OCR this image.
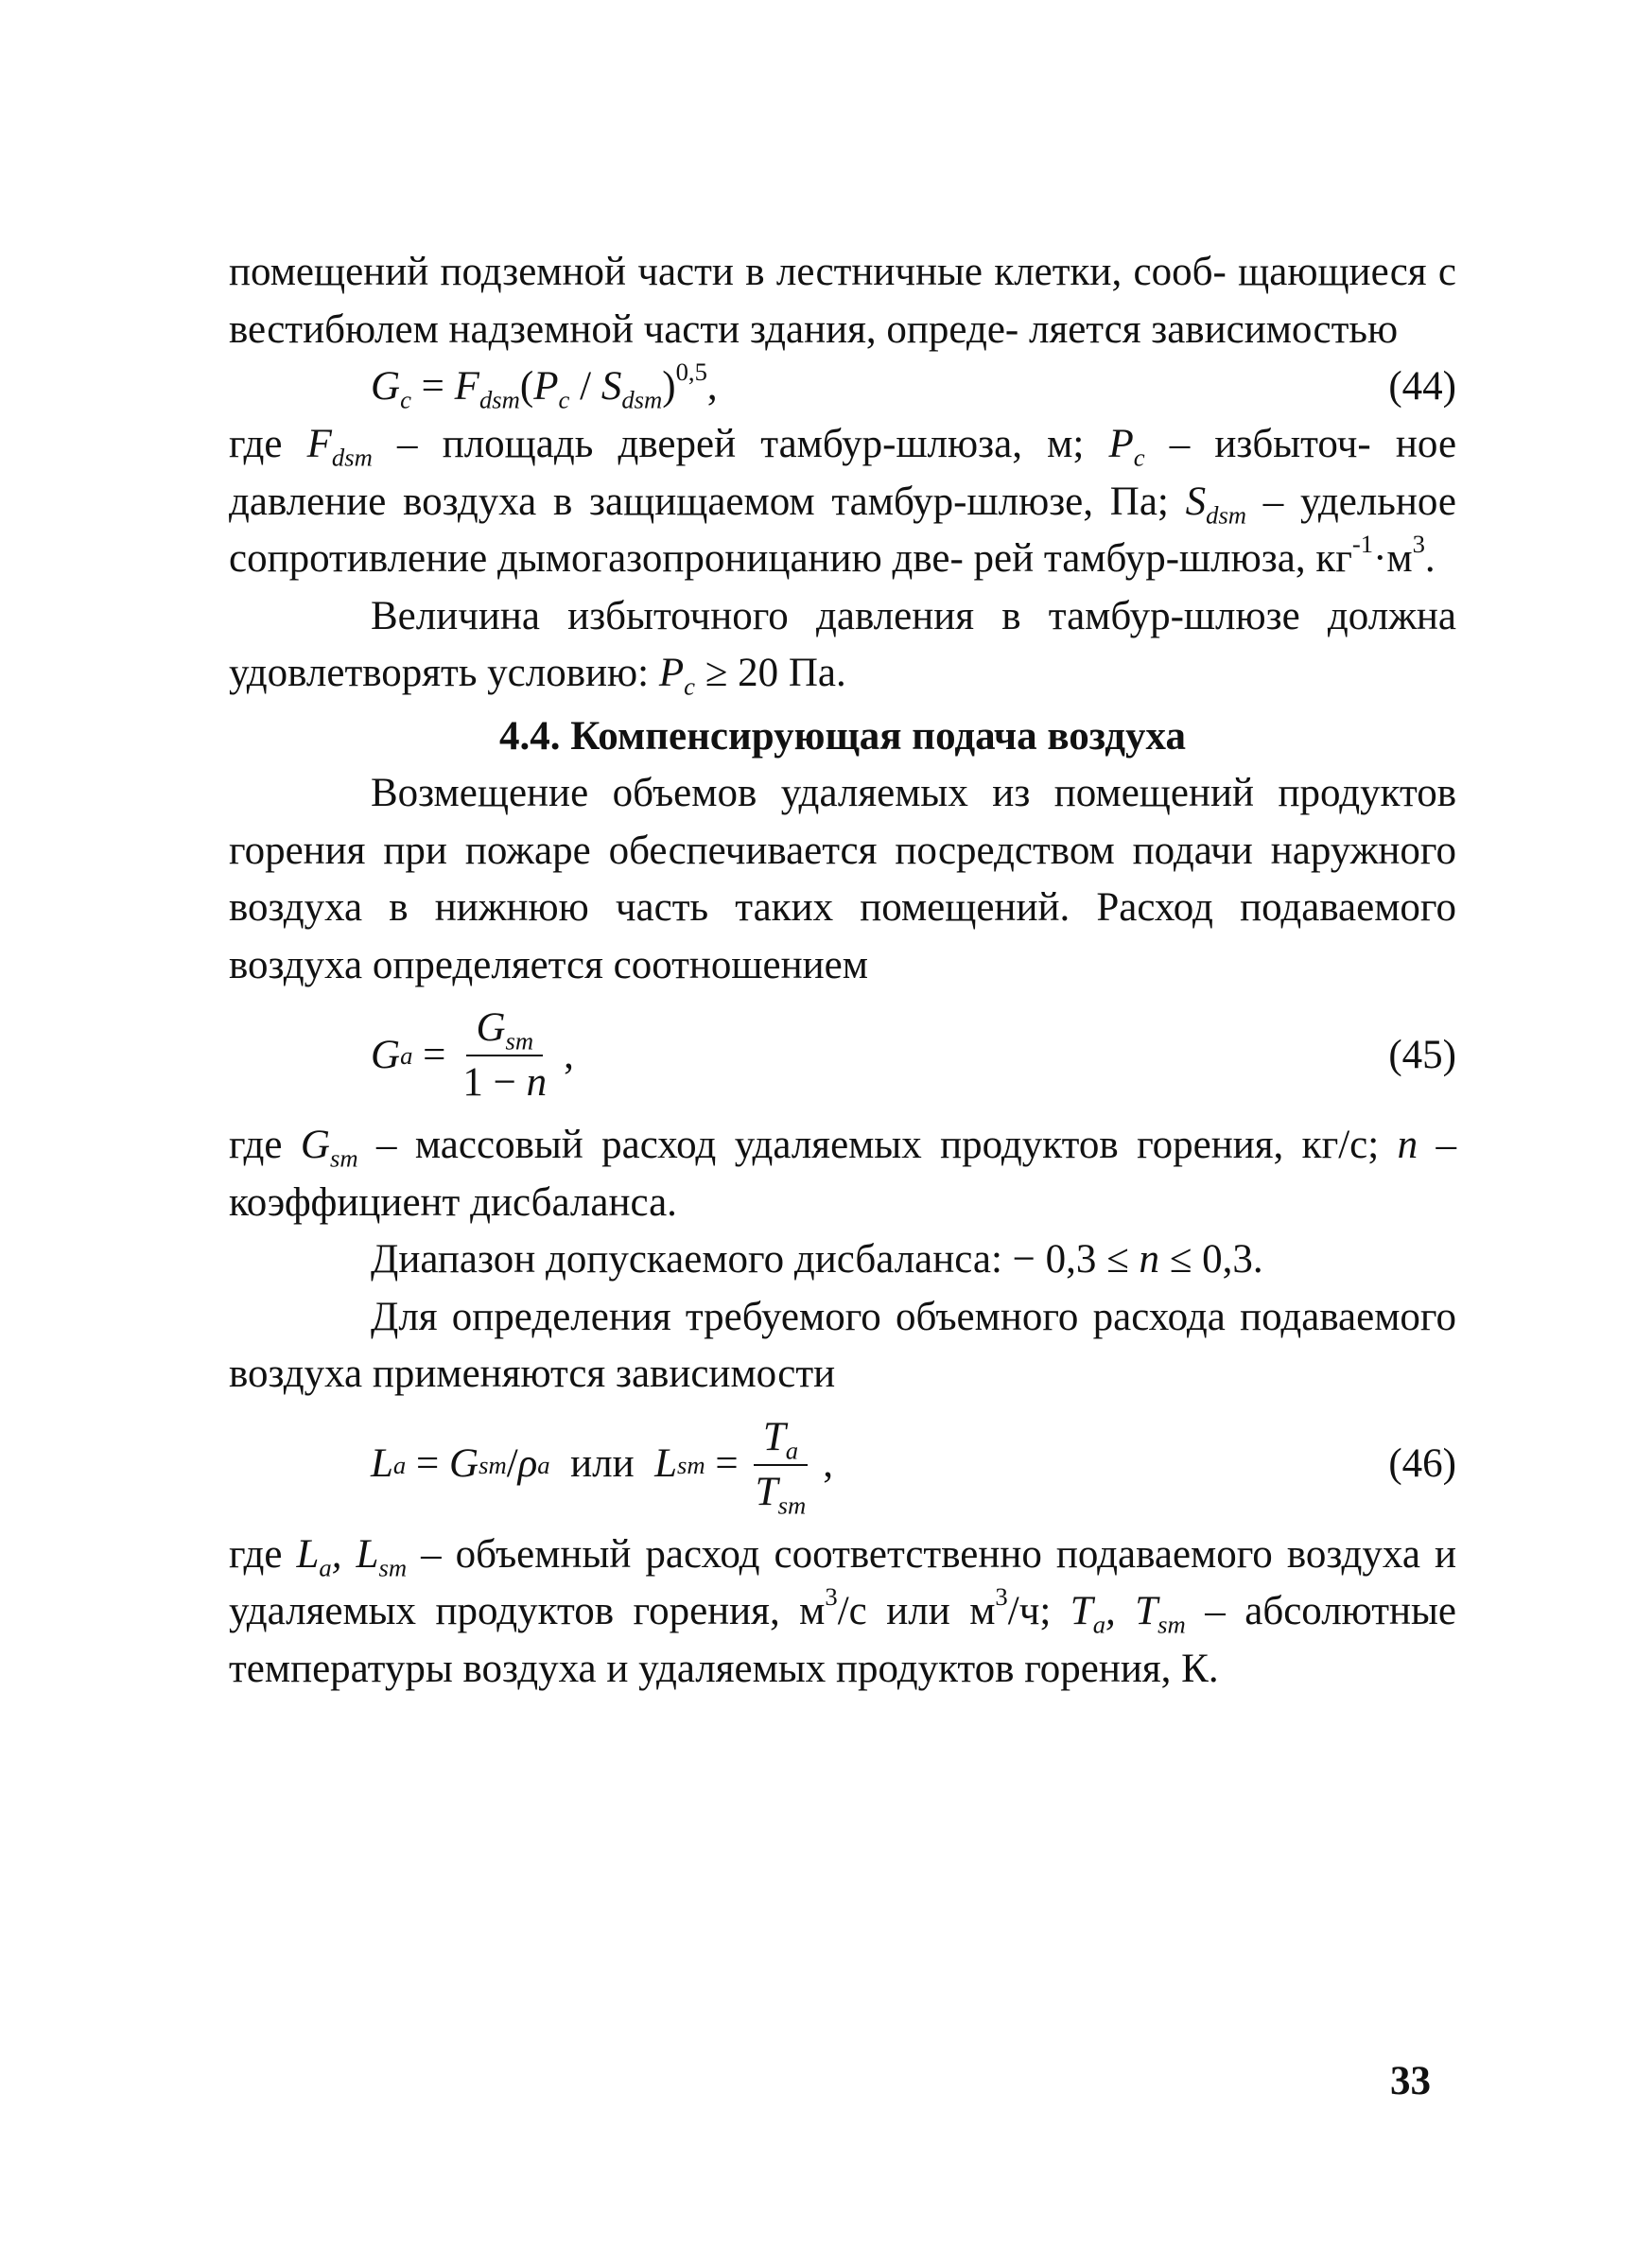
помещений подземной части в лестничные клетки, сооб- щающиеся с вестибюлем надземной части здания, опреде- ляется зависимостью

$G_c = F_{dsm}(P_c / S_{dsm})^{0,5}$,	(44)

где $F_{dsm}$ – площадь дверей тамбур-шлюза, м; $P_c$ – избыточ- ное давление воздуха в защищаемом тамбур-шлюзе, Па; $S_{dsm}$ – удельное сопротивление дымогазопроницанию две- рей тамбур-шлюза, $кг^{-1}\cdot м^3$.

Величина избыточного давления в тамбур-шлюзе должна удовлетворять условию: $P_c \ge 20$ Па.

4.4. Компенсирующая подача воздуха

Возмещение объемов удаляемых из помещений продуктов горения при пожаре обеспечивается посредством подачи наружного воздуха в нижнюю часть таких помещений. Расход подаваемого воздуха определяется соотношением

G a
= $\frac{G_{sm}}{1 - n}$ ,	(45)

где $G_{sm}$ – массовый расход удаляемых продуктов горения, кг/с; n – коэффициент дисбаланса.

Диапазон допускаемого дисбаланса: − 0,3 ≤ n ≤ 0,3.

Для определения требуемого объемного расхода подаваемого воздуха применяются зависимости

L a
= G sm / ρ a
или L sm
= $\frac{T_a}{T_{sm}}$ ,	(46)

где $L_a$, $L_{sm}$ – объемный расход соответственно подаваемого воздуха и удаляемых продуктов горения, $м^3/с$ или $м^3/ч$; $T_a$, $T_{sm}$ – абсолютные температуры воздуха и удаляемых продуктов горения, К.

33
